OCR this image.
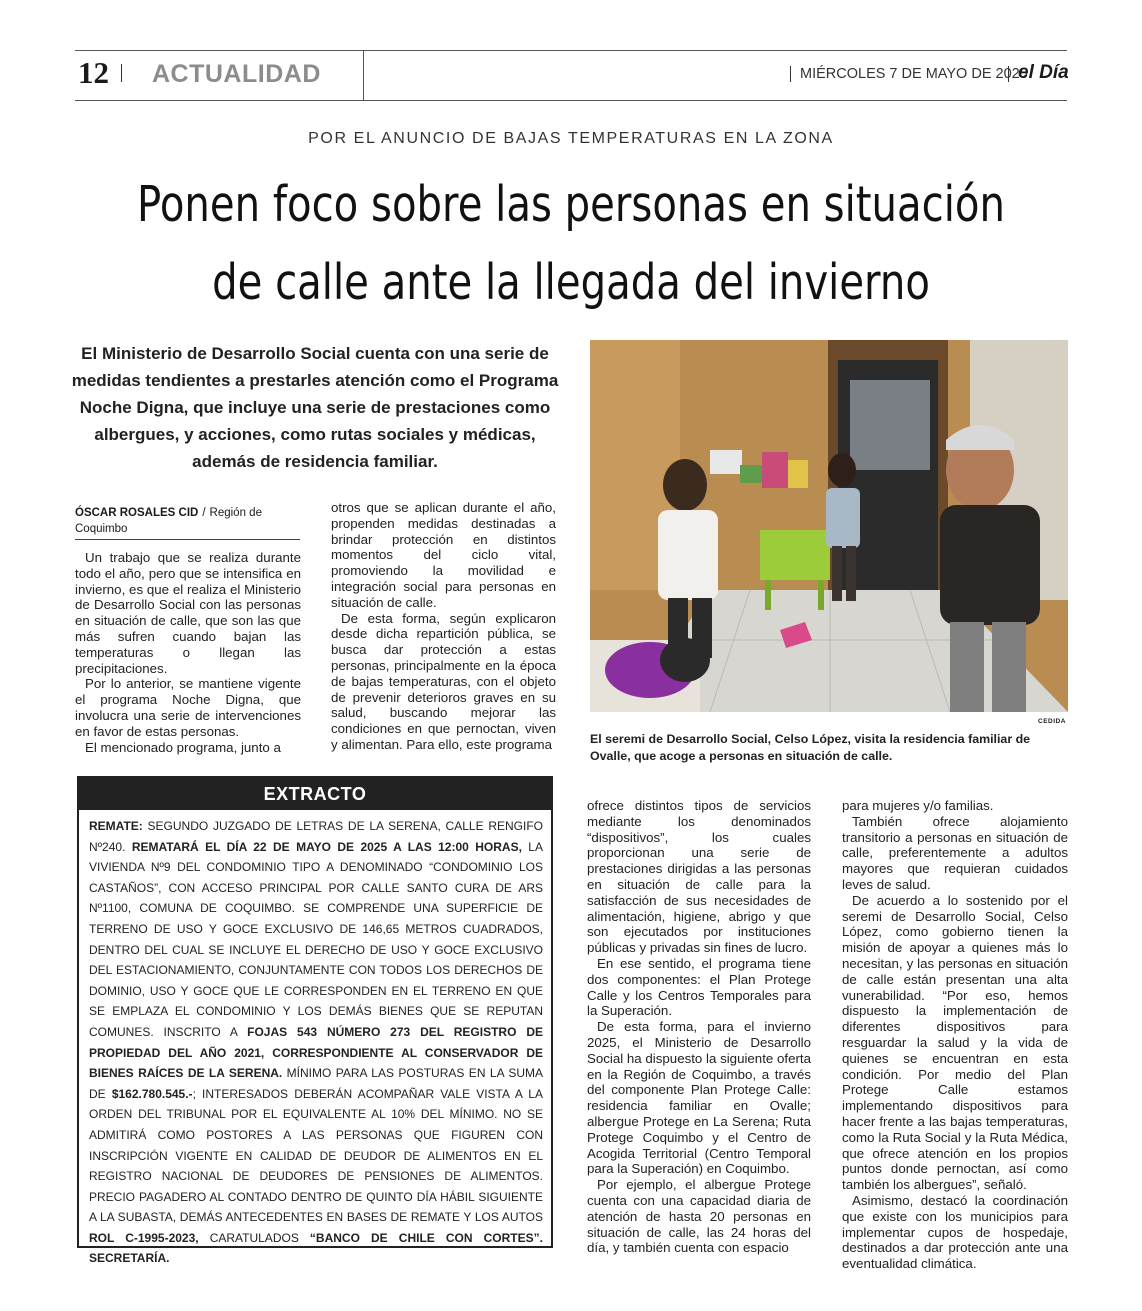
12 ACTUALIDAD	MIÉRCOLES 7 DE MAYO DE 2025
el Día
POR EL ANUNCIO DE BAJAS TEMPERATURAS EN LA ZONA
Ponen foco sobre las personas en situación
de calle ante la llegada del invierno
El Ministerio de Desarrollo Social cuenta con una serie de medidas tendientes a prestarles atención como el Programa Noche Digna, que incluye una serie de prestaciones como albergues, y acciones, como rutas sociales y médicas, además de residencia familiar.
ÓSCAR ROSALES CID / Región de Coquimbo

Un trabajo que se realiza durante todo el año, pero que se intensifica en invierno, es que el realiza el Ministerio de Desarrollo Social con las personas en situación de calle, que son las que más sufren cuando bajan las temperaturas o llegan las precipitaciones.

Por lo anterior, se mantiene vigente el programa Noche Digna, que involucra una serie de intervenciones en favor de estas personas.

El mencionado programa, junto a

otros que se aplican durante el año, propenden medidas destinadas a brindar protección en distintos momentos del ciclo vital, promoviendo la movilidad e integración social para personas en situación de calle.

De esta forma, según explicaron desde dicha repartición pública, se busca dar protección a estas personas, principalmente en la época de bajas temperaturas, con el objeto de prevenir deterioros graves en su salud, buscando mejorar las condiciones en que pernoctan, viven y alimentan. Para ello, este programa

CEDIDA
El seremi de Desarrollo Social, Celso López, visita la residencia familiar de Ovalle, que acoge a personas en situación de calle.
EXTRACTO
REMATE: SEGUNDO JUZGADO DE LETRAS DE LA SERENA, CALLE RENGIFO Nº240. REMATARÁ EL DÍA 22 DE MAYO DE 2025 A LAS 12:00 HORAS, LA VIVIENDA Nº9 DEL CONDOMINIO TIPO A DENOMINADO “CONDOMINIO LOS CASTAÑOS”, CON ACCESO PRINCIPAL POR CALLE SANTO CURA DE ARS Nº1100, COMUNA DE COQUIMBO. SE COMPRENDE UNA SUPERFICIE DE TERRENO DE USO Y GOCE EXCLUSIVO DE 146,65 METROS CUADRADOS, DENTRO DEL CUAL SE INCLUYE EL DERECHO DE USO Y GOCE EXCLUSIVO DEL ESTACIONAMIENTO, CONJUNTAMENTE CON TODOS LOS DERECHOS DE DOMINIO, USO Y GOCE QUE LE CORRESPONDEN EN EL TERRENO EN QUE SE EMPLAZA EL CONDOMINIO Y LOS DEMÁS BIENES QUE SE REPUTAN COMUNES. INSCRITO A FOJAS 543 NÚMERO 273 DEL REGISTRO DE PROPIEDAD DEL AÑO 2021, CORRESPONDIENTE AL CONSERVADOR DE BIENES RAÍCES DE LA SERENA. MÍNIMO PARA LAS POSTURAS EN LA SUMA DE $162.780.545.-; INTERESADOS DEBERÁN ACOMPAÑAR VALE VISTA A LA ORDEN DEL TRIBUNAL POR EL EQUIVALENTE AL 10% DEL MÍNIMO. NO SE ADMITIRÁ COMO POSTORES A LAS PERSONAS QUE FIGUREN CON INSCRIPCIÓN VIGENTE EN CALIDAD DE DEUDOR DE ALIMENTOS EN EL REGISTRO NACIONAL DE DEUDORES DE PENSIONES DE ALIMENTOS. PRECIO PAGADERO AL CONTADO DENTRO DE QUINTO DÍA HÁBIL SIGUIENTE A LA SUBASTA, DEMÁS ANTECEDENTES EN BASES DE REMATE Y LOS AUTOS ROL C-1995-2023, CARATULADOS “BANCO DE CHILE CON CORTES”. SECRETARÍA.

ofrece distintos tipos de servicios mediante los denominados “dispositivos”, los cuales proporcionan una serie de prestaciones dirigidas a las personas en situación de calle para la satisfacción de sus necesidades de alimentación, higiene, abrigo y que son ejecutados por instituciones públicas y privadas sin fines de lucro.

En ese sentido, el programa tiene dos componentes: el Plan Protege Calle y los Centros Temporales para la Superación.

De esta forma, para el invierno 2025, el Ministerio de Desarrollo Social ha dispuesto la siguiente oferta en la Región de Coquimbo, a través del componente Plan Protege Calle: residencia familiar en Ovalle; albergue Protege en La Serena; Ruta Protege Coquimbo y el Centro de Acogida Territorial (Centro Temporal para la Superación) en Coquimbo.

Por ejemplo, el albergue Protege cuenta con una capacidad diaria de atención de hasta 20 personas en situación de calle, las 24 horas del día, y también cuenta con espacio

para mujeres y/o familias.

También ofrece alojamiento transitorio a personas en situación de calle, preferentemente a adultos mayores que requieran cuidados leves de salud.

De acuerdo a lo sostenido por el seremi de Desarrollo Social, Celso López, como gobierno tienen la misión de apoyar a quienes más lo necesitan, y las personas en situación de calle están presentan una alta vunerabilidad. “Por eso, hemos dispuesto la implementación de diferentes dispositivos para resguardar la salud y la vida de quienes se encuentran en esta condición. Por medio del Plan Protege Calle estamos implementando dispositivos para hacer frente a las bajas temperaturas, como la Ruta Social y la Ruta Médica, que ofrece atención en los propios puntos donde pernoctan, así como también los albergues”, señaló.

Asimismo, destacó la coordinación que existe con los municipios para implementar cupos de hospedaje, destinados a dar protección ante una eventualidad climática.
